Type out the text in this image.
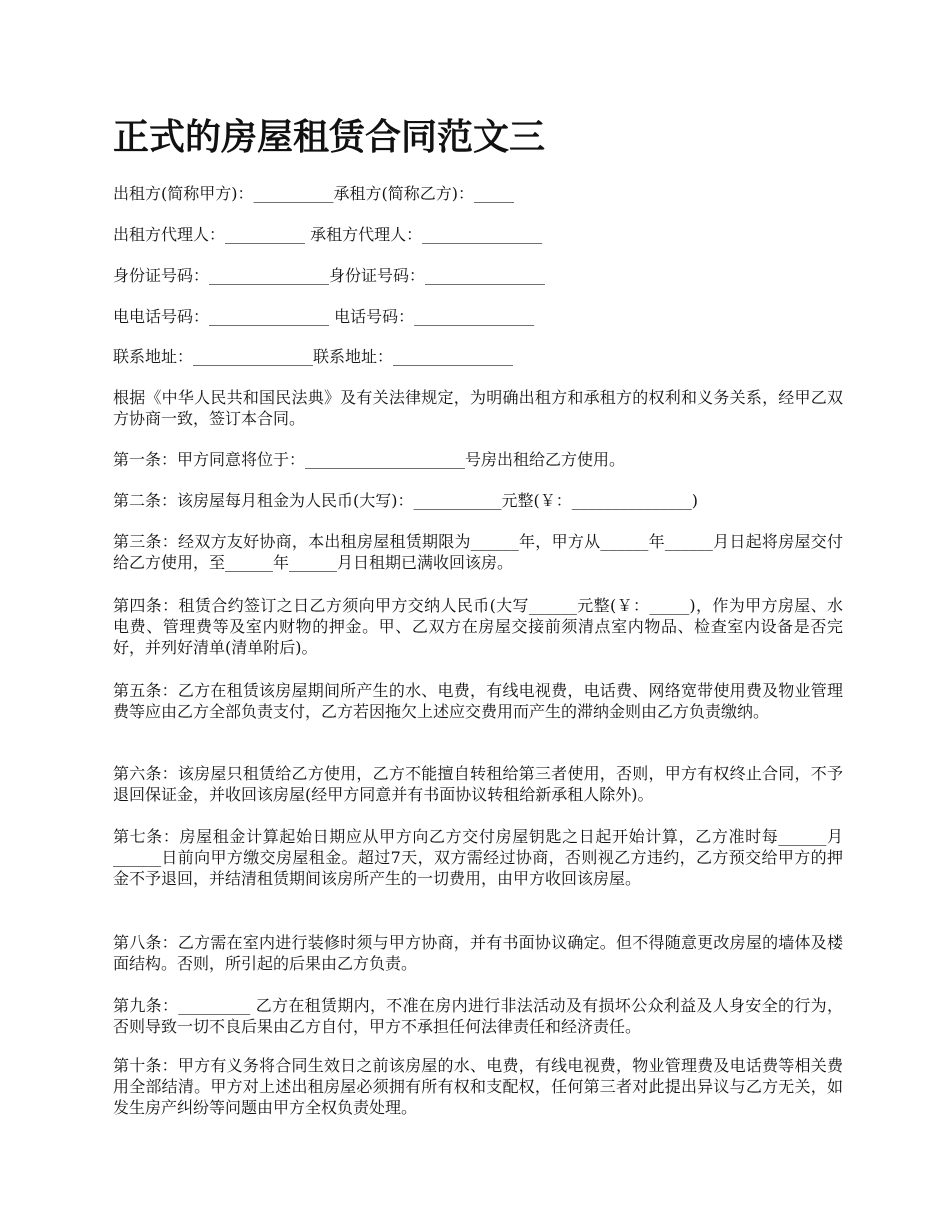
正式的房屋租赁合同范文三

出租方(简称甲方)：__________承租方(简称乙方)：_____

出租方代理人：__________ 承租方代理人：_______________

身份证号码：_______________身份证号码：_______________

电电话号码：_______________ 电话号码：_______________

联系地址：_______________联系地址：_______________

根据《中华人民共和国民法典》及有关法律规定，为明确出租方和承租方的权利和义务关系，经甲乙双方协商一致，签订本合同。

第一条：甲方同意将位于：____________________号房出租给乙方使用。

第二条：该房屋每月租金为人民币(大写)：___________元整(￥：_______________)

第三条：经双方友好协商，本出租房屋租赁期限为______年，甲方从______年______月日起将房屋交付给乙方使用，至______年______月日租期已满收回该房。

第四条：租赁合约签订之日乙方须向甲方交纳人民币(大写______元整(￥：_____)，作为甲方房屋、水电费、管理费等及室内财物的押金。甲、乙双方在房屋交接前须清点室内物品、检查室内设备是否完好，并列好清单(清单附后)。

第五条：乙方在租赁该房屋期间所产生的水、电费，有线电视费，电话费、网络宽带使用费及物业管理费等应由乙方全部负责支付，乙方若因拖欠上述应交费用而产生的滞纳金则由乙方负责缴纳。

第六条：该房屋只租赁给乙方使用，乙方不能擅自转租给第三者使用，否则，甲方有权终止合同，不予退回保证金，并收回该房屋(经甲方同意并有书面协议转租给新承租人除外)。

第七条：房屋租金计算起始日期应从甲方向乙方交付房屋钥匙之日起开始计算，乙方准时每______月______日前向甲方缴交房屋租金。超过7天，双方需经过协商，否则视乙方违约，乙方预交给甲方的押金不予退回，并结清租赁期间该房所产生的一切费用，由甲方收回该房屋。

第八条：乙方需在室内进行装修时须与甲方协商，并有书面协议确定。但不得随意更改房屋的墙体及楼面结构。否则，所引起的后果由乙方负责。

第九条：_________ 乙方在租赁期内，不准在房内进行非法活动及有损坏公众利益及人身安全的行为，否则导致一切不良后果由乙方自付，甲方不承担任何法律责任和经济责任。

第十条：甲方有义务将合同生效日之前该房屋的水、电费，有线电视费，物业管理费及电话费等相关费用全部结清。甲方对上述出租房屋必须拥有所有权和支配权，任何第三者对此提出异议与乙方无关，如发生房产纠纷等问题由甲方全权负责处理。
